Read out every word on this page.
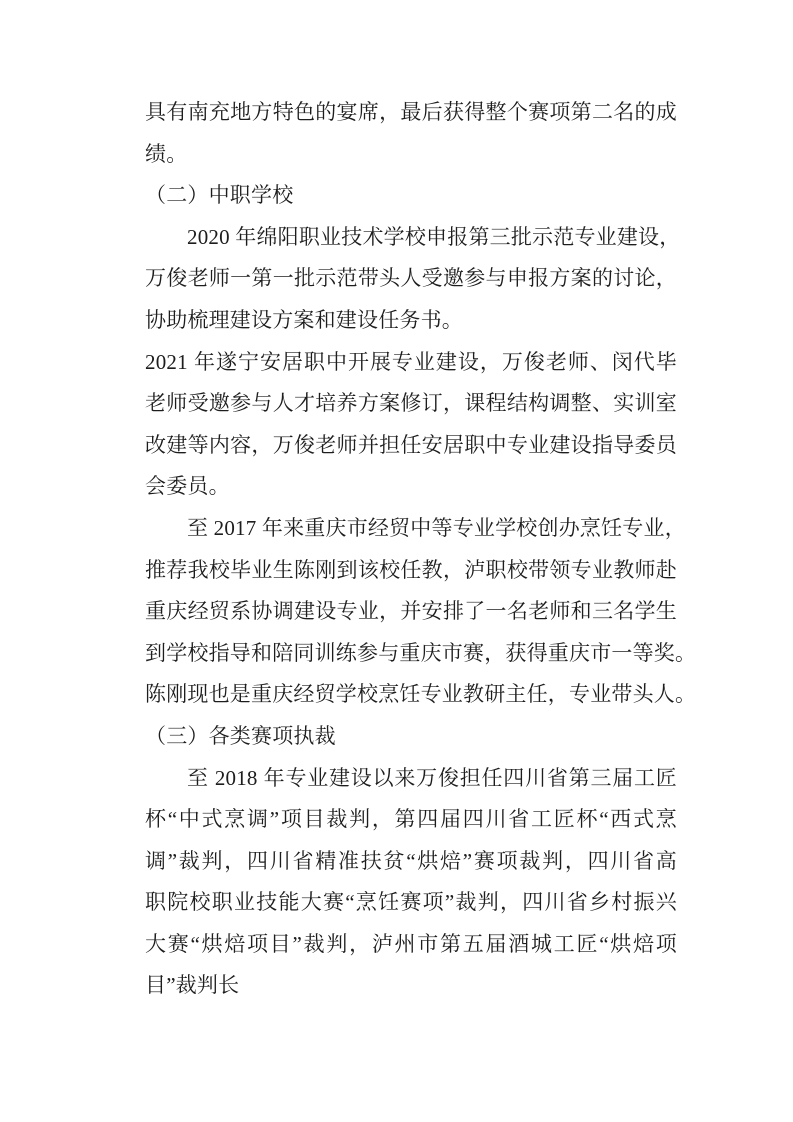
具有南充地方特色的宴席，最后获得整个赛项第二名的成
绩。
（二）中职学校
2020 年绵阳职业技术学校申报第三批示范专业建设，
万俊老师一第一批示范带头人受邀参与申报方案的讨论，
协助梳理建设方案和建设任务书。
2021 年遂宁安居职中开展专业建设，万俊老师、闵代毕
老师受邀参与人才培养方案修订，课程结构调整、实训室
改建等内容，万俊老师并担任安居职中专业建设指导委员
会委员。
至 2017 年来重庆市经贸中等专业学校创办烹饪专业，
推荐我校毕业生陈刚到该校任教，泸职校带领专业教师赴
重庆经贸系协调建设专业，并安排了一名老师和三名学生
到学校指导和陪同训练参与重庆市赛，获得重庆市一等奖。
陈刚现也是重庆经贸学校烹饪专业教研主任，专业带头人。
（三）各类赛项执裁
至 2018 年专业建设以来万俊担任四川省第三届工匠
杯“中式烹调”项目裁判，第四届四川省工匠杯“西式烹
调”裁判，四川省精准扶贫“烘焙”赛项裁判，四川省高
职院校职业技能大赛“烹饪赛项”裁判，四川省乡村振兴
大赛“烘焙项目”裁判，泸州市第五届酒城工匠“烘焙项
目”裁判长
